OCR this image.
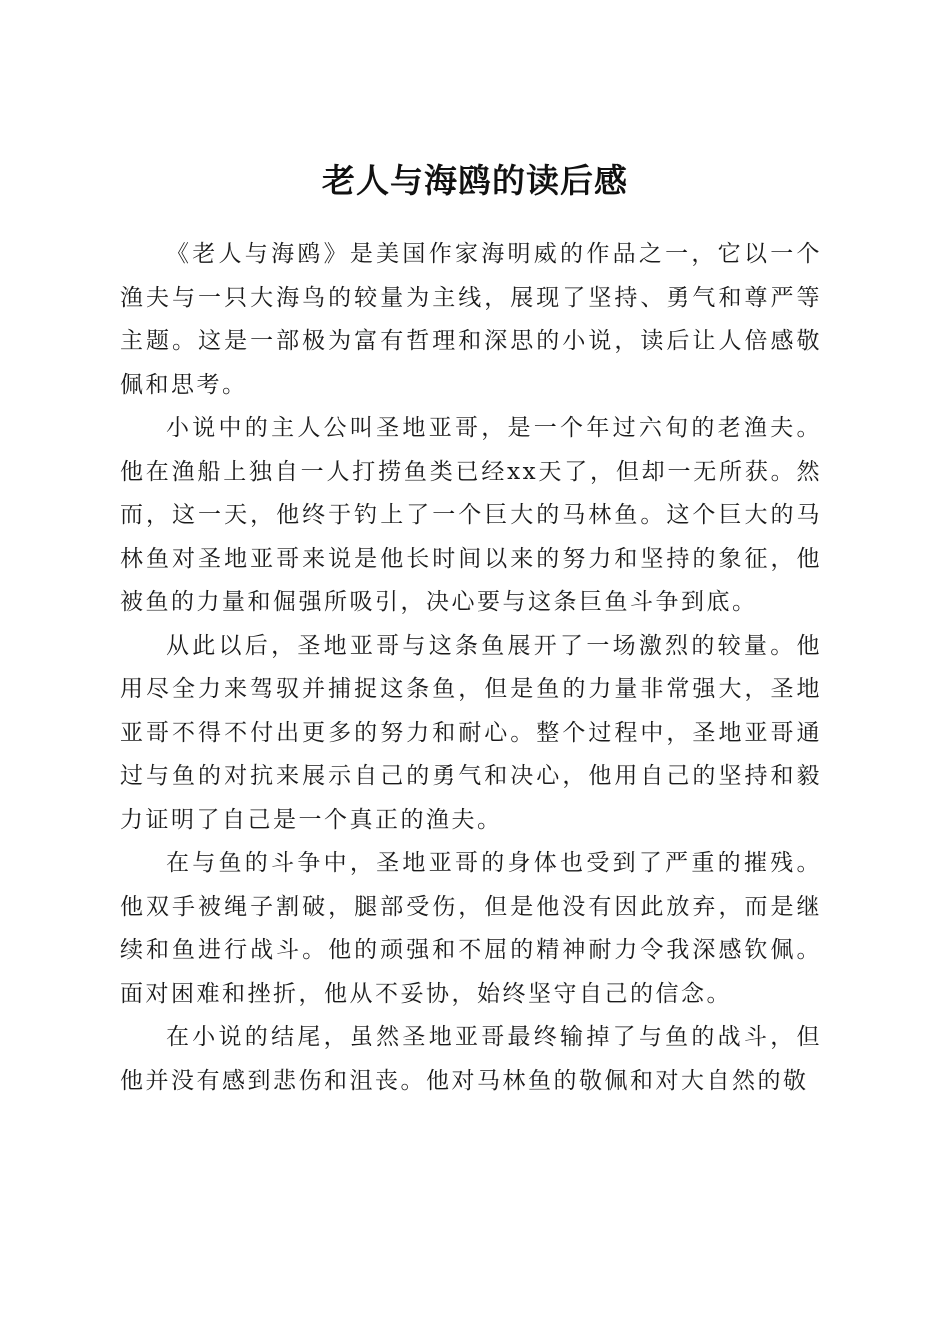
老人与海鸥的读后感

《老人与海鸥》是美国作家海明威的作品之一，它以一个渔夫与一只大海鸟的较量为主线，展现了坚持、勇气和尊严等主题。这是一部极为富有哲理和深思的小说，读后让人倍感敬佩和思考。

小说中的主人公叫圣地亚哥，是一个年过六旬的老渔夫。他在渔船上独自一人打捞鱼类已经xx天了，但却一无所获。然而，这一天，他终于钓上了一个巨大的马林鱼。这个巨大的马林鱼对圣地亚哥来说是他长时间以来的努力和坚持的象征，他被鱼的力量和倔强所吸引，决心要与这条巨鱼斗争到底。

从此以后，圣地亚哥与这条鱼展开了一场激烈的较量。他用尽全力来驾驭并捕捉这条鱼，但是鱼的力量非常强大，圣地亚哥不得不付出更多的努力和耐心。整个过程中，圣地亚哥通过与鱼的对抗来展示自己的勇气和决心，他用自己的坚持和毅力证明了自己是一个真正的渔夫。

在与鱼的斗争中，圣地亚哥的身体也受到了严重的摧残。他双手被绳子割破，腿部受伤，但是他没有因此放弃，而是继续和鱼进行战斗。他的顽强和不屈的精神耐力令我深感钦佩。面对困难和挫折，他从不妥协，始终坚守自己的信念。

在小说的结尾，虽然圣地亚哥最终输掉了与鱼的战斗，但他并没有感到悲伤和沮丧。他对马林鱼的敬佩和对大自然的敬
